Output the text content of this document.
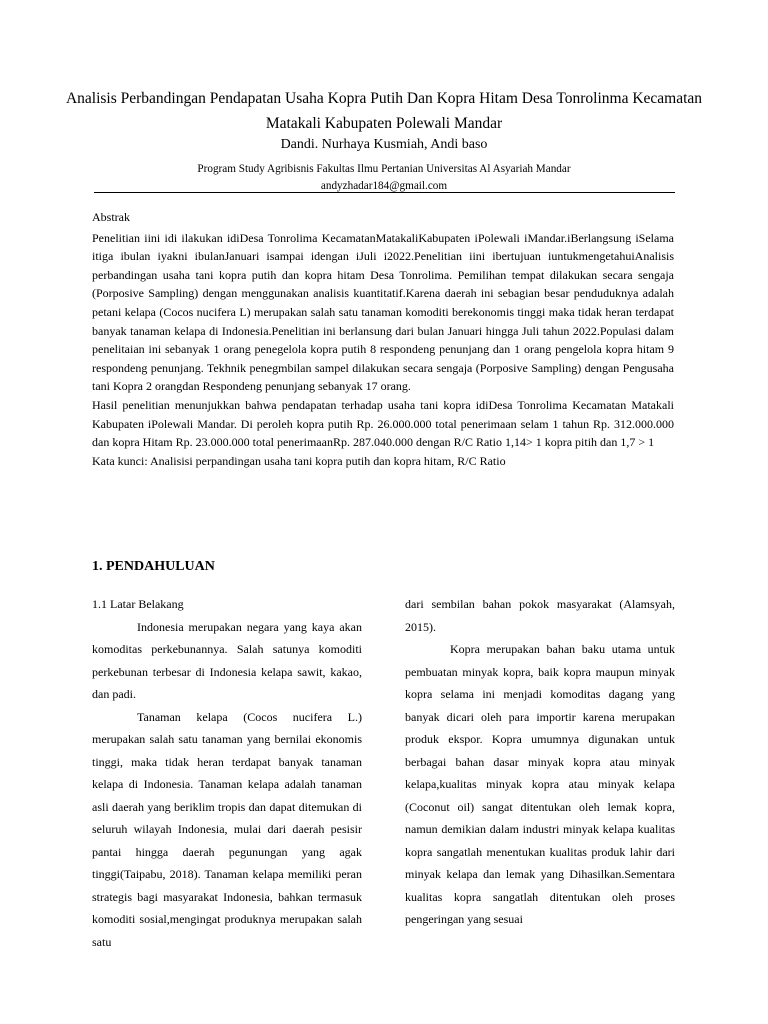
Analisis Perbandingan Pendapatan Usaha Kopra Putih Dan Kopra Hitam Desa Tonrolinma Kecamatan Matakali Kabupaten Polewali Mandar
Dandi. Nurhaya Kusmiah, Andi baso
Program Study Agribisnis Fakultas Ilmu Pertanian Universitas Al Asyariah Mandar
andyzhadar184@gmail.com

Abstrak

Penelitian iini idi ilakukan idiDesa Tonrolima KecamatanMatakaliKabupaten iPolewali iMandar.iBerlangsung iSelama itiga ibulan iyakni ibulanJanuari isampai idengan iJuli i2022.Penelitian iini ibertujuan iuntukmengetahuiAnalisis perbandingan usaha tani kopra putih dan kopra hitam Desa Tonrolima. Pemilihan tempat dilakukan secara sengaja (Porposive Sampling) dengan menggunakan analisis kuantitatif.Karena daerah ini sebagian besar penduduknya adalah petani kelapa (Cocos nucifera L) merupakan salah satu tanaman komoditi berekonomis tinggi maka tidak heran terdapat banyak tanaman kelapa di Indonesia.Penelitian ini berlansung dari bulan Januari hingga Juli tahun 2022.Populasi dalam penelitaian ini sebanyak 1 orang penegelola kopra putih 8 respondeng penunjang dan 1 orang pengelola kopra hitam 9 respondeng penunjang. Tekhnik penegmbilan sampel dilakukan secara sengaja (Porposive Sampling) dengan Pengusaha tani Kopra 2 orangdan Respondeng penunjang sebanyak 17 orang.

Hasil penelitian menunjukkan bahwa pendapatan terhadap usaha tani kopra idiDesa Tonrolima Kecamatan Matakali Kabupaten iPolewali Mandar. Di peroleh kopra putih Rp. 26.000.000 total penerimaan selam 1 tahun Rp. 312.000.000 dan kopra Hitam Rp. 23.000.000 total penerimaanRp. 287.040.000 dengan R/C Ratio 1,14> 1 kopra pitih dan 1,7 > 1

Kata kunci: Analisisi perpandingan usaha tani kopra putih dan kopra hitam, R/C Ratio

1. PENDAHULUAN

1.1 Latar Belakang

Indonesia merupakan negara yang kaya akan komoditas perkebunannya. Salah satunya komoditi perkebunan terbesar di Indonesia kelapa sawit, kakao, dan padi.

Tanaman kelapa (Cocos nucifera L.) merupakan salah satu tanaman yang bernilai ekonomis tinggi, maka tidak heran terdapat banyak tanaman kelapa di Indonesia. Tanaman kelapa adalah tanaman asli daerah yang beriklim tropis dan dapat ditemukan di seluruh wilayah Indonesia, mulai dari daerah pesisir pantai hingga daerah pegunungan yang agak tinggi(Taipabu, 2018). Tanaman kelapa memiliki peran strategis bagi masyarakat Indonesia, bahkan termasuk komoditi sosial,mengingat produknya merupakan salah satu

dari sembilan bahan pokok masyarakat (Alamsyah, 2015).

Kopra merupakan bahan baku utama untuk pembuatan minyak kopra, baik kopra maupun minyak kopra selama ini menjadi komoditas dagang yang banyak dicari oleh para importir karena merupakan produk ekspor. Kopra umumnya digunakan untuk berbagai bahan dasar minyak kopra atau minyak kelapa,kualitas minyak kopra atau minyak kelapa (Coconut oil) sangat ditentukan oleh lemak kopra, namun demikian dalam industri minyak kelapa kualitas kopra sangatlah menentukan kualitas produk lahir dari minyak kelapa dan lemak yang Dihasilkan.Sementara kualitas kopra sangatlah ditentukan oleh proses pengeringan yang sesuai
